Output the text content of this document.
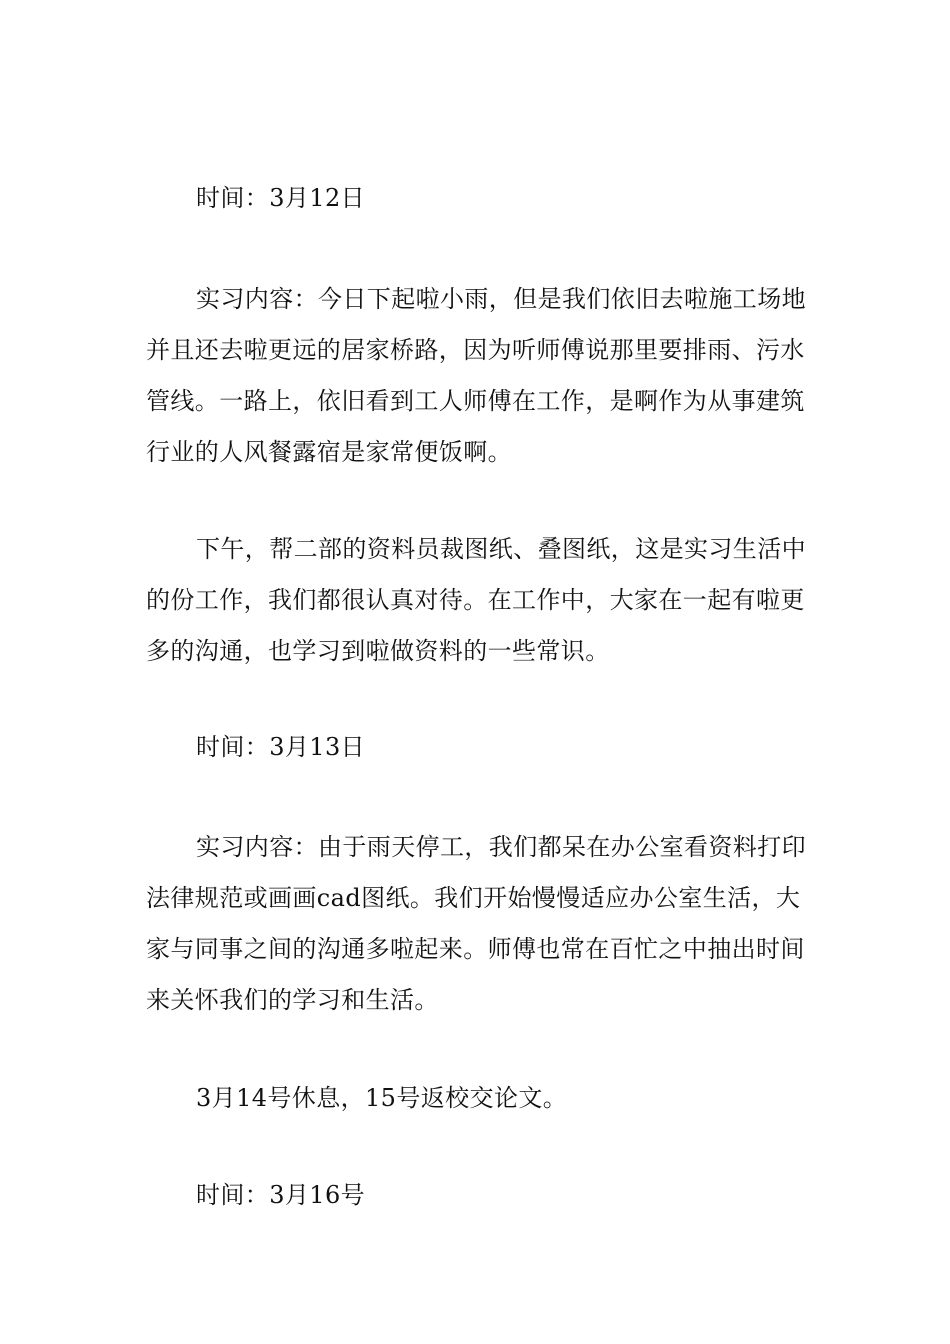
时间：3月12日

实习内容：今日下起啦小雨，但是我们依旧去啦施工场地并且还去啦更远的居家桥路，因为听师傅说那里要排雨、污水管线。一路上，依旧看到工人师傅在工作，是啊作为从事建筑行业的人风餐露宿是家常便饭啊。

下午，帮二部的资料员裁图纸、叠图纸，这是实习生活中的份工作，我们都很认真对待。在工作中，大家在一起有啦更多的沟通，也学习到啦做资料的一些常识。

时间：3月13日

实习内容：由于雨天停工，我们都呆在办公室看资料打印法律规范或画画cad图纸。我们开始慢慢适应办公室生活，大家与同事之间的沟通多啦起来。师傅也常在百忙之中抽出时间来关怀我们的学习和生活。

3月14号休息，15号返校交论文。

时间：3月16号
